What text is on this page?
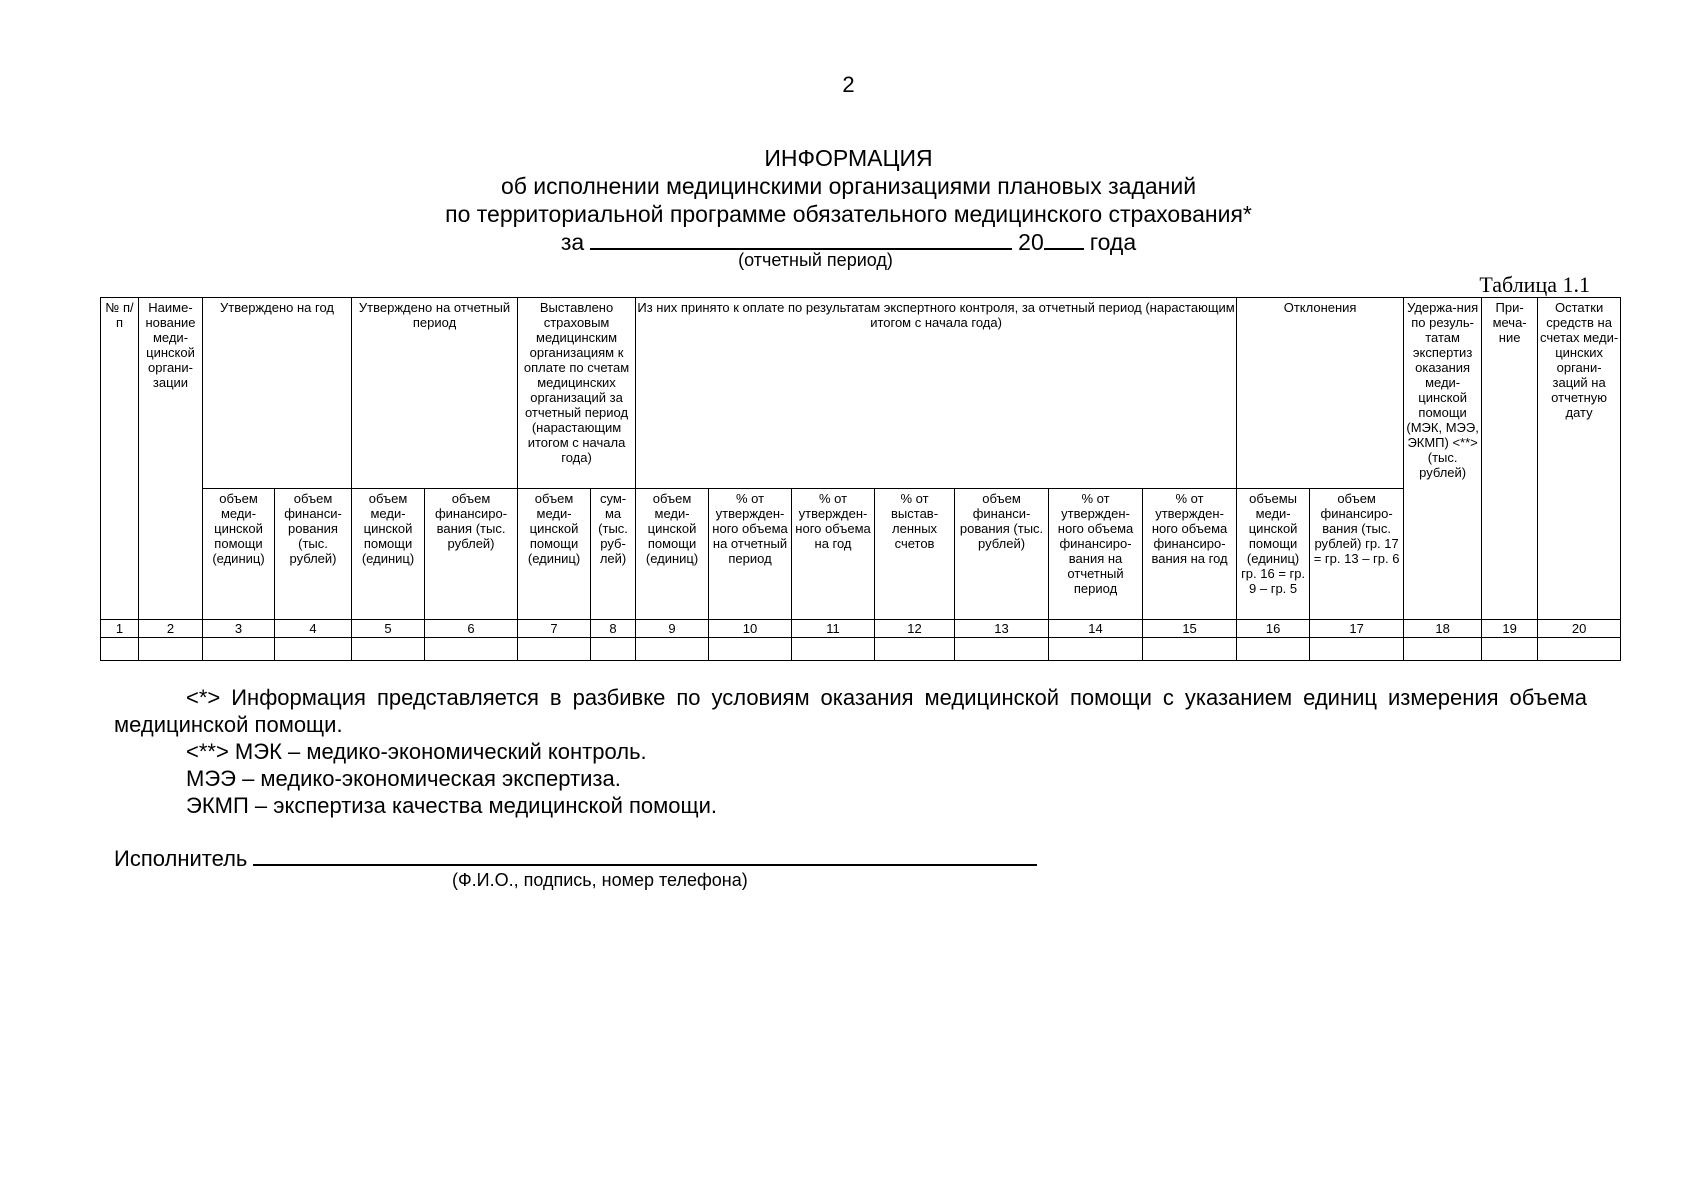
2
ИНФОРМАЦИЯ
об исполнении медицинскими организациями плановых заданий
по территориальной программе обязательного медицинского страхования*
за	20 года
(отчетный период)
Таблица 1.1
№ п/п	Наиме-нование меди-цинской органи-зации	Утверждено на год		Утверждено на отчетный период		Выставлено страховым медицинским организациям к оплате по счетам медицинских организаций за отчетный период (нарастающим итогом с начала года)		Из них принято к оплате по результатам экспертного контроля, за отчетный период (нарастающим итогом с начала года)							Отклонения		Удержа-ния по резуль-татам экспертиз оказания меди-цинской помощи (МЭК, МЭЭ, ЭКМП) <**> (тыс. рублей)	При-меча-ние	Остатки средств на счетах меди-цинских органи-заций на отчетную дату
		объем меди-цинской помощи (единиц)	объем финанси-рования (тыс. рублей)	объем меди-цинской помощи (единиц)	объем финансиро-вания (тыс. рублей)	объем меди-цинской помощи (единиц)	сум-ма (тыс. руб-лей)	объем меди-цинской помощи (единиц)	% от утвержден-ного объема на отчетный период	% от утвержден-ного объема на год	% от выстав-ленных счетов	объем финанси-рования (тыс. рублей)	% от утвержден-ного объема финансиро-вания на отчетный период	% от утвержден-ного объема финансиро-вания на год	объемы меди-цинской помощи (единиц) гр. 16 = гр. 9 – гр. 5	объем финансиро-вания (тыс. рублей) гр. 17 = гр. 13 – гр. 6			
1	2	3	4	5	6	7	8	9	10	11	12	13	14	15	16	17	18	19	20

<*> Информация представляется в разбивке по условиям оказания медицинской помощи с указанием единиц измерения объема медицинской помощи.

<**> МЭК – медико-экономический контроль.

МЭЭ – медико-экономическая экспертиза.

ЭКМП – экспертиза качества медицинской помощи.

Исполнитель
(Ф.И.О., подпись, номер телефона)
